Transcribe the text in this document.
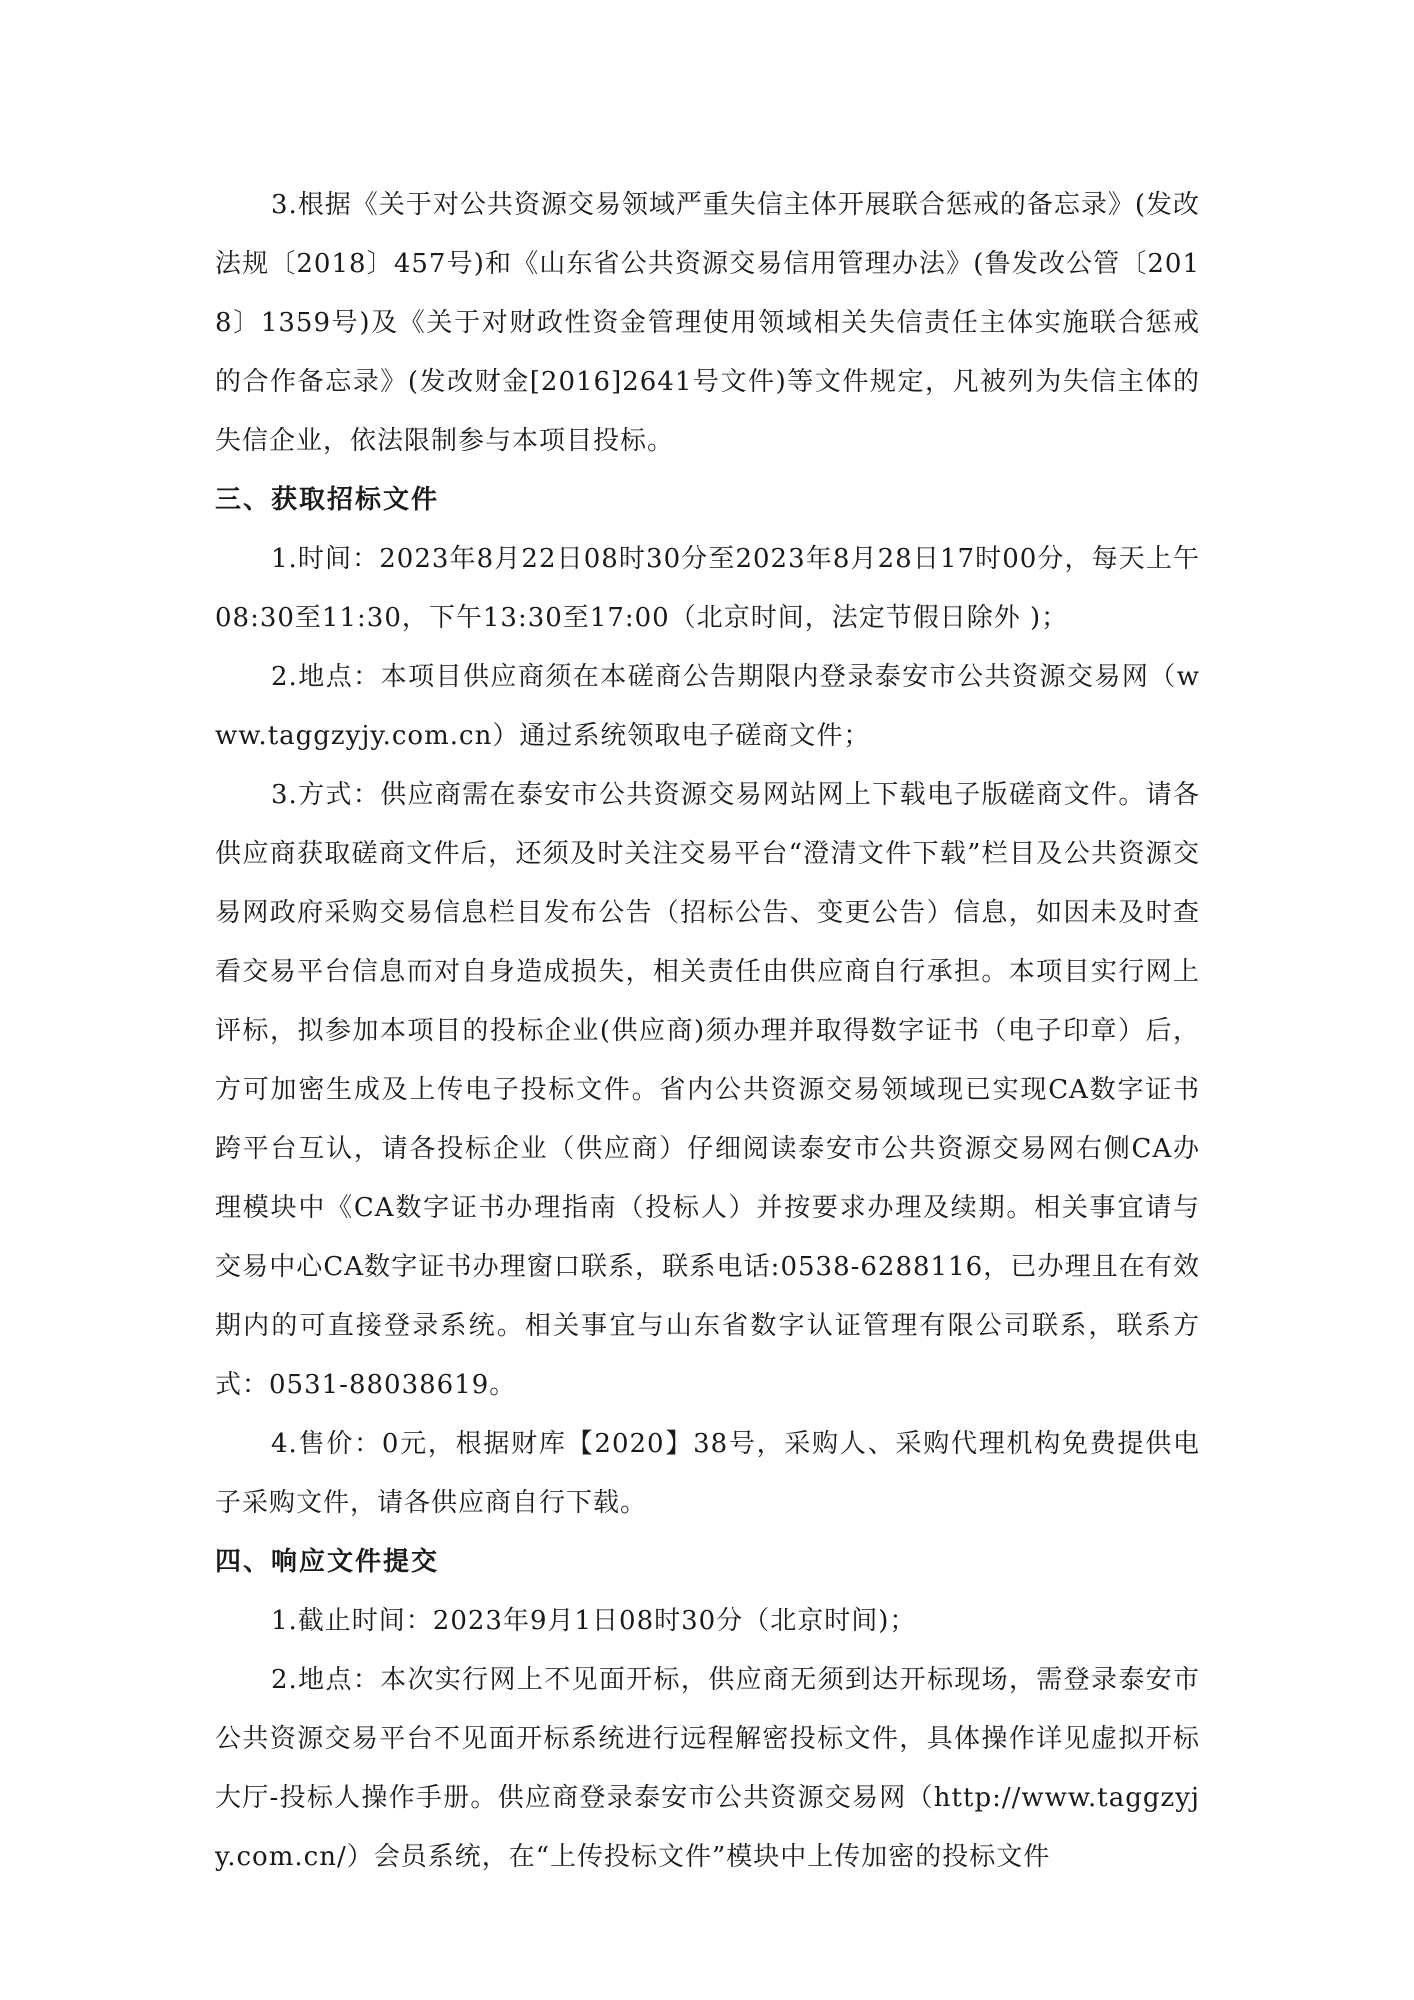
3.根据《关于对公共资源交易领域严重失信主体开展联合惩戒的备忘录》(发改法规〔2018〕457号)和《山东省公共资源交易信用管理办法》(鲁发改公管〔2018〕1359号)及《关于对财政性资金管理使用领域相关失信责任主体实施联合惩戒的合作备忘录》(发改财金[2016]2641号文件)等文件规定，凡被列为失信主体的失信企业，依法限制参与本项目投标。

三、获取招标文件

1.时间：2023年8月22日08时30分至2023年8月28日17时00分，每天上午08:30至11:30，下午13:30至17:00（北京时间，法定节假日除外 )；

2.地点：本项目供应商须在本磋商公告期限内登录泰安市公共资源交易网（www.taggzyjy.com.cn）通过系统领取电子磋商文件；

3.方式：供应商需在泰安市公共资源交易网站网上下载电子版磋商文件。请各供应商获取磋商文件后，还须及时关注交易平台“澄清文件下载”栏目及公共资源交易网政府采购交易信息栏目发布公告（招标公告、变更公告）信息，如因未及时查看交易平台信息而对自身造成损失，相关责任由供应商自行承担。本项目实行网上评标，拟参加本项目的投标企业(供应商)须办理并取得数字证书（电子印章）后，方可加密生成及上传电子投标文件。省内公共资源交易领域现已实现CA数字证书跨平台互认，请各投标企业（供应商）仔细阅读泰安市公共资源交易网右侧CA办理模块中《CA数字证书办理指南（投标人）并按要求办理及续期。相关事宜请与交易中心CA数字证书办理窗口联系，联系电话:0538-6288116，已办理且在有效期内的可直接登录系统。相关事宜与山东省数字认证管理有限公司联系，联系方式：0531-88038619。

4.售价：0元，根据财库【2020】38号，采购人、采购代理机构免费提供电子采购文件，请各供应商自行下载。

四、响应文件提交

1.截止时间：2023年9月1日08时30分（北京时间)；

2.地点：本次实行网上不见面开标，供应商无须到达开标现场，需登录泰安市公共资源交易平台不见面开标系统进行远程解密投标文件，具体操作详见虚拟开标大厅-投标人操作手册。供应商登录泰安市公共资源交易网（http://www.taggzyjy.com.cn/）会员系统，在“上传投标文件”模块中上传加密的投标文件
